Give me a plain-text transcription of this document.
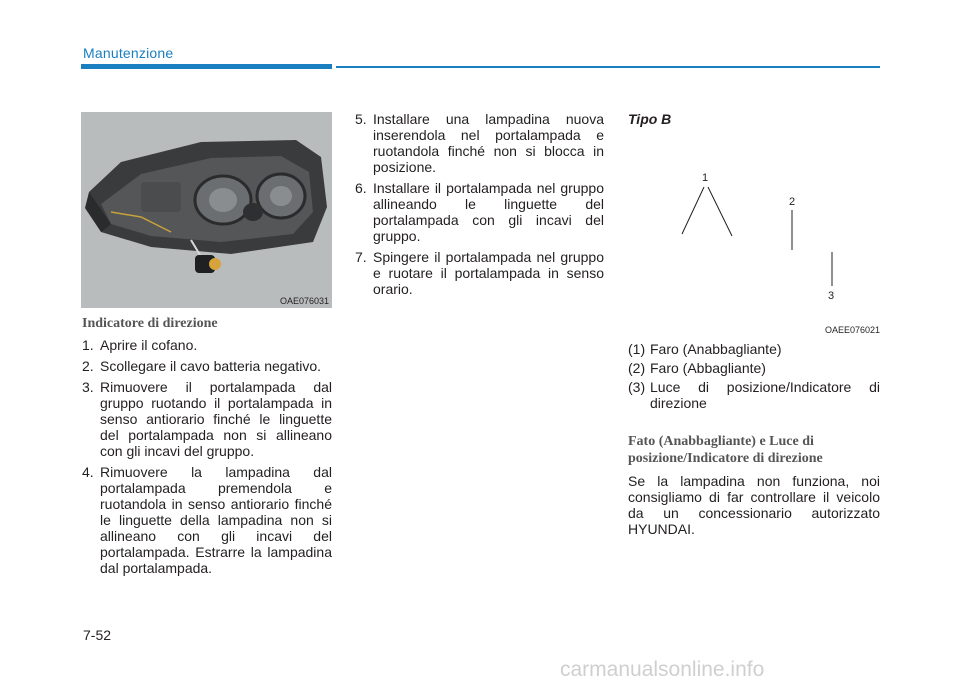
Manutenzione
OAE076031
Indicatore di direzione
1. Aprire il cofano.
2. Scollegare il cavo batteria negativo.
3. Rimuovere il portalampada dal gruppo ruotando il portalampada in senso antiorario finché le linguette del portalampada non si allineano con gli incavi del gruppo.
4. Rimuovere la lampadina dal portalampada premendola e ruotandola in senso antiorario finché le linguette della lampadina non si allineano con gli incavi del portalampada. Estrarre la lampadina dal portalampada.
5. Installare una lampadina nuova inserendola nel portalampada e ruotandola finché non si blocca in posizione.
6. Installare il portalampada nel gruppo allineando le linguette del portalampada con gli incavi del gruppo.
7. Spingere il portalampada nel gruppo e ruotare il portalampada in senso orario.
Tipo B
1
2
3
OAEE076021
(1) Faro (Anabbagliante)
(2) Faro (Abbagliante)
(3) Luce di posizione/Indicatore di direzione
Fato (Anabbagliante) e Luce di posizione/Indicatore di direzione
Se la lampadina non funziona, noi consigliamo di far controllare il veicolo da un concessionario autorizzato HYUNDAI.
7-52
carmanualsonline.info
